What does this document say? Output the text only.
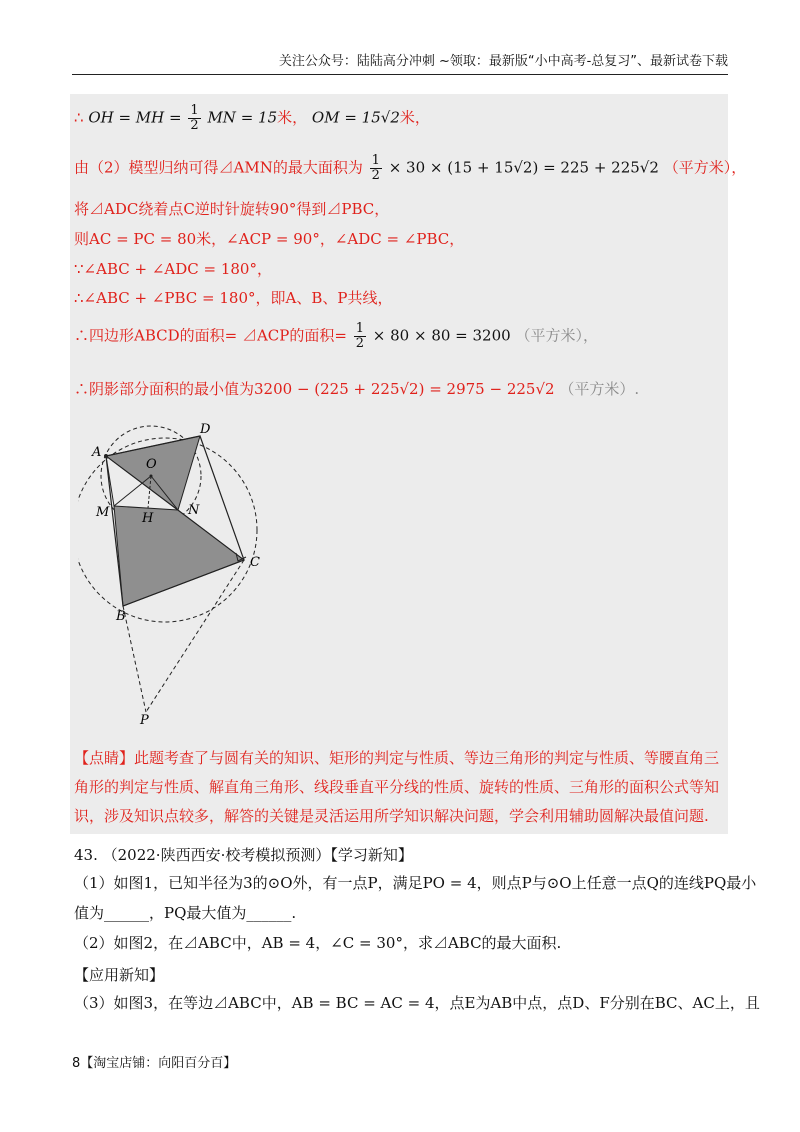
关注公众号：陆陆高分冲刺 ~领取：最新版“小中高考-总复习”、最新试卷下载
∴ OH = MH = $\frac{1}{2}$ MN = 15米， OM = 15√2米，
由（2）模型归纳可得⊿AMN的最大面积为 $\frac{1}{2} \times 30 \times (15 + 15√2) = 225 + 225√2$ （平方米），
将⊿ADC绕着点C逆时针旋转90°得到⊿PBC，
则AC = PC = 80米，∠ACP = 90°，∠ADC = ∠PBC，
∵∠ABC + ∠ADC = 180°，
∴∠ABC + ∠PBC = 180°，即A、B、P共线，
∴四边形ABCD的面积= ⊿ACP的面积= $\frac{1}{2} \times 80 \times 80 = 3200$ （平方米），
∴阴影部分面积的最小值为3200 − (225 + 225√2) = 2975 − 225√2 （平方米）.
A
D
O
M	H
N
C
B
P
【点睛】此题考查了与圆有关的知识、矩形的判定与性质、等边三角形的判定与性质、等腰直角三角形的判定与性质、解直角三角形、线段垂直平分线的性质、旋转的性质、三角形的面积公式等知识，涉及知识点较多，解答的关键是灵活运用所学知识解决问题，学会利用辅助圆解决最值问题.
43. （2022·陕西西安·校考模拟预测）【学习新知】
（1）如图1，已知半径为3的⊙O外，有一点P，满足PO = 4，则点P与⊙O上任意一点Q的连线PQ最小
值为______，PQ最大值为______.
（2）如图2，在⊿ABC中，AB = 4，∠C = 30°，求⊿ABC的最大面积.
【应用新知】
（3）如图3，在等边⊿ABC中，AB = BC = AC = 4，点E为AB中点，点D、F分别在BC、AC上，且
8【淘宝店铺：向阳百分百】
